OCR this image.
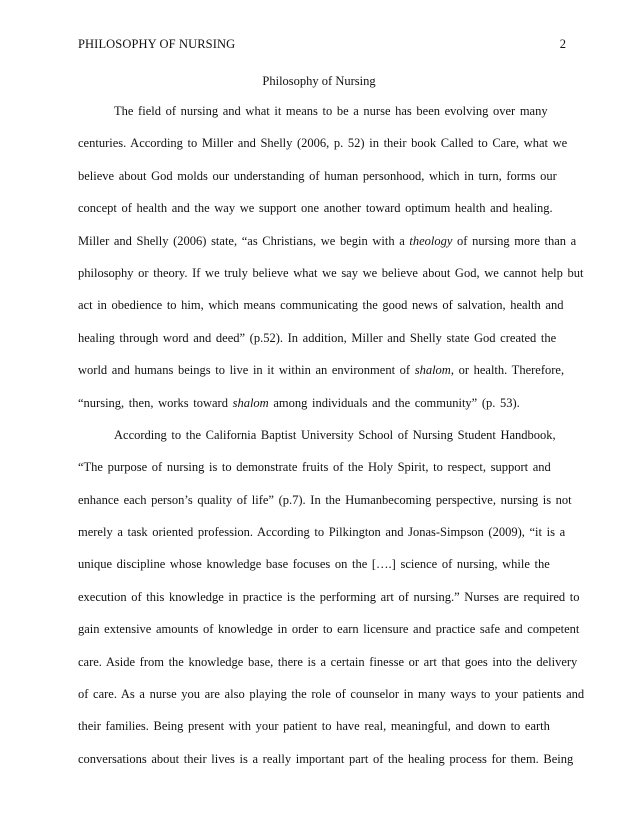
PHILOSOPHY OF NURSING	2
Philosophy of Nursing
The field of nursing and what it means to be a nurse has been evolving over many
centuries. According to Miller and Shelly (2006, p. 52) in their book Called to Care, what we
believe about God molds our understanding of human personhood, which in turn, forms our
concept of health and the way we support one another toward optimum health and healing.
Miller and Shelly (2006) state, “as Christians, we begin with a theology of nursing more than a
philosophy or theory. If we truly believe what we say we believe about God, we cannot help but
act in obedience to him, which means communicating the good news of salvation, health and
healing through word and deed” (p.52). In addition, Miller and Shelly state God created the
world and humans beings to live in it within an environment of shalom, or health. Therefore,
“nursing, then, works toward shalom among individuals and the community” (p. 53).
According to the California Baptist University School of Nursing Student Handbook,
“The purpose of nursing is to demonstrate fruits of the Holy Spirit, to respect, support and
enhance each person’s quality of life” (p.7). In the Humanbecoming perspective, nursing is not
merely a task oriented profession. According to Pilkington and Jonas-Simpson (2009), “it is a
unique discipline whose knowledge base focuses on the [….] science of nursing, while the
execution of this knowledge in practice is the performing art of nursing.” Nurses are required to
gain extensive amounts of knowledge in order to earn licensure and practice safe and competent
care. Aside from the knowledge base, there is a certain finesse or art that goes into the delivery
of care. As a nurse you are also playing the role of counselor in many ways to your patients and
their families. Being present with your patient to have real, meaningful, and down to earth
conversations about their lives is a really important part of the healing process for them. Being
